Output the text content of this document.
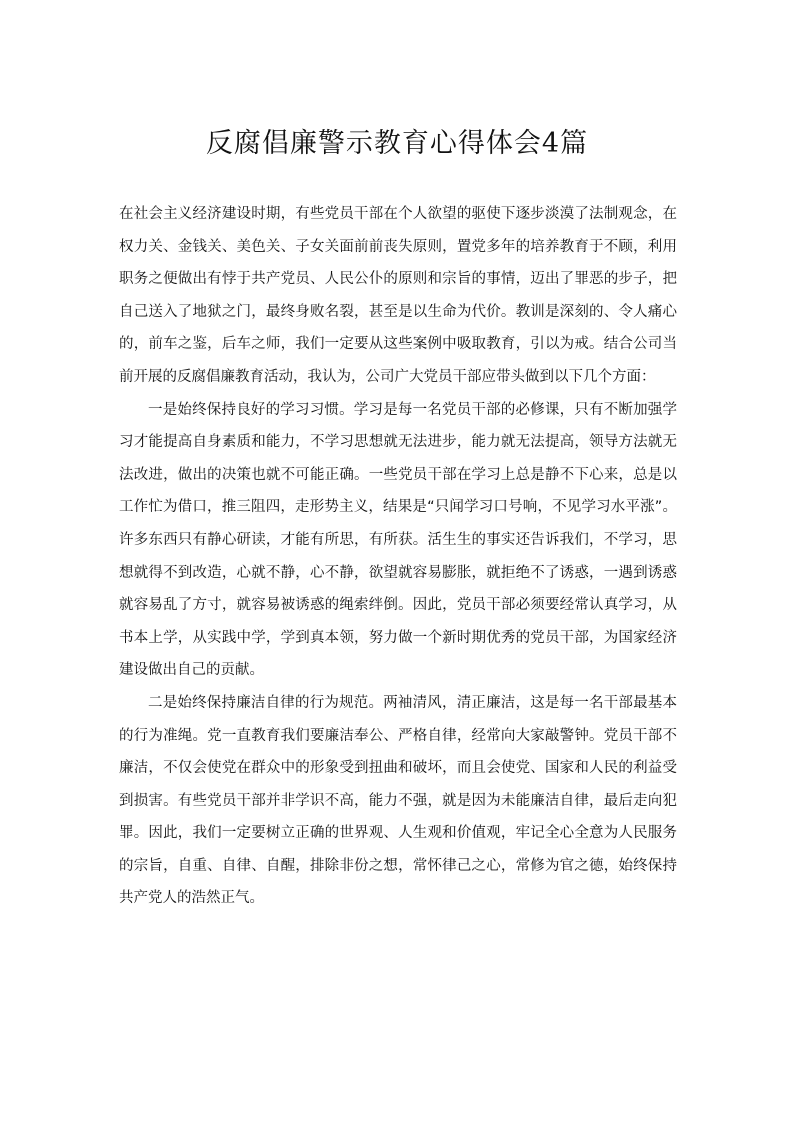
反腐倡廉警示教育心得体会4篇

在社会主义经济建设时期，有些党员干部在个人欲望的驱使下逐步淡漠了法制观念，在权力关、金钱关、美色关、子女关面前前丧失原则，置党多年的培养教育于不顾，利用职务之便做出有悖于共产党员、人民公仆的原则和宗旨的事情，迈出了罪恶的步子，把自己送入了地狱之门，最终身败名裂，甚至是以生命为代价。教训是深刻的、令人痛心的，前车之鉴，后车之师，我们一定要从这些案例中吸取教育，引以为戒。结合公司当前开展的反腐倡廉教育活动，我认为，公司广大党员干部应带头做到以下几个方面：

一是始终保持良好的学习习惯。学习是每一名党员干部的必修课，只有不断加强学习才能提高自身素质和能力，不学习思想就无法进步，能力就无法提高，领导方法就无法改进，做出的决策也就不可能正确。一些党员干部在学习上总是静不下心来，总是以工作忙为借口，推三阻四，走形势主义，结果是“只闻学习口号响，不见学习水平涨”。许多东西只有静心研读，才能有所思，有所获。活生生的事实还告诉我们，不学习，思想就得不到改造，心就不静，心不静，欲望就容易膨胀，就拒绝不了诱惑，一遇到诱惑就容易乱了方寸，就容易被诱惑的绳索绊倒。因此，党员干部必须要经常认真学习，从书本上学，从实践中学，学到真本领，努力做一个新时期优秀的党员干部，为国家经济建设做出自己的贡献。

二是始终保持廉洁自律的行为规范。两袖清风，清正廉洁，这是每一名干部最基本的行为准绳。党一直教育我们要廉洁奉公、严格自律，经常向大家敲警钟。党员干部不廉洁，不仅会使党在群众中的形象受到扭曲和破坏，而且会使党、国家和人民的利益受到损害。有些党员干部并非学识不高，能力不强，就是因为未能廉洁自律，最后走向犯罪。因此，我们一定要树立正确的世界观、人生观和价值观，牢记全心全意为人民服务的宗旨，自重、自律、自醒，排除非份之想，常怀律己之心，常修为官之德，始终保持共产党人的浩然正气。
